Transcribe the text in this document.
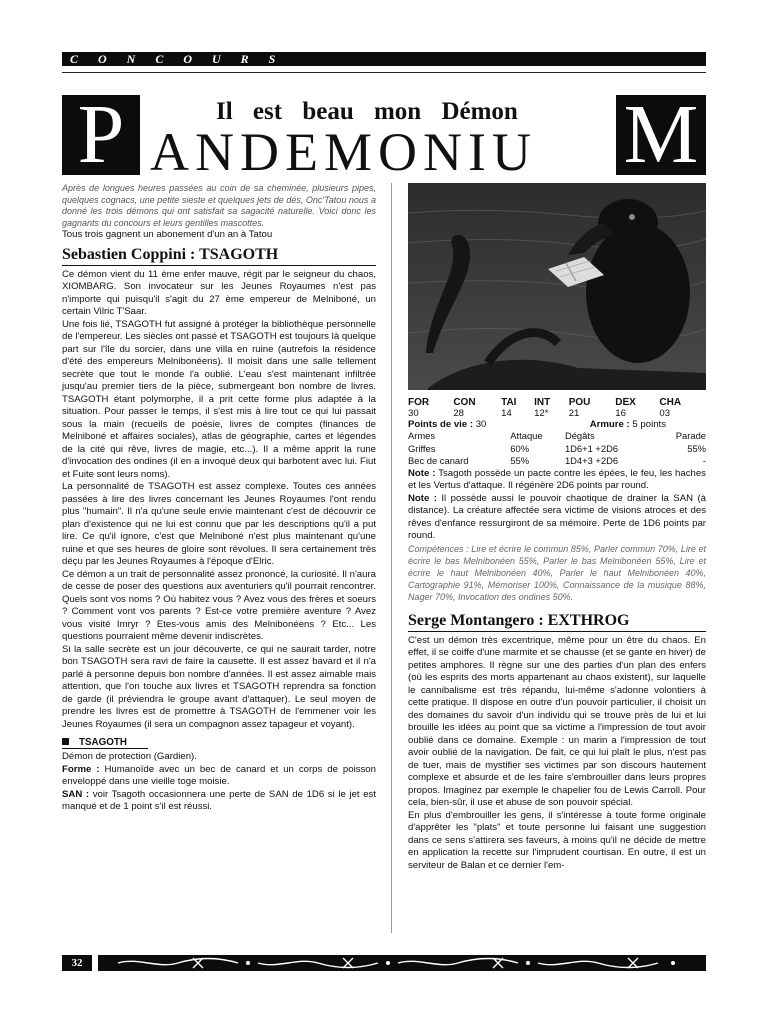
CONCOURS
P	Il est beau mon Démon
ANDEMONIU M

Après de longues heures passées au coin de sa cheminée, plusieurs pipes, quelques cognacs, une petite sieste et quelques jets de dés, Onc'Tatou nous a donné les trois démons qui ont satisfait sa sagacité naturelle. Voici donc les gagnants du concours et leurs gentilles mascottes.

Tous trois gagnent un abonement d'un an à Tatou

Sebastien Coppini : TSAGOTH

Ce démon vient du 11 ème enfer mauve, régit par le seigneur du chaos, XIOMBARG. Son invocateur sur les Jeunes Royaumes n'est pas n'importe qui puisqu'il s'agit du 27 ème empereur de Melniboné, un certain Vilric T'Saar.

Une fois lié, TSAGOTH fut assigné à protéger la bibliothèque personnelle de l'empereur. Les siècles ont passé et TSAGOTH est toujours là quelque part sur l'île du sorcier, dans une villa en ruine (autrefois la résidence d'été des empereurs Melnibonéens). Il moisit dans une salle tellement secrète que tout le monde l'a oublié. L'eau s'est maintenant infiltrée jusqu'au premier tiers de la pièce, submergeant bon nombre de livres. TSAGOTH étant polymorphe, il a prit cette forme plus adaptée à la situation. Pour passer le temps, il s'est mis à lire tout ce qui lui passait sous la main (recueils de poésie, livres de comptes (finances de Melniboné et affaires sociales), atlas de géographie, cartes et légendes de la cité qui rêve, livres de magie, etc...). Il a même apprit la rune d'invocation des ondines (il en a invoqué deux qui barbotent avec lui. Fiut et Fuite sont leurs noms).

La personnalité de TSAGOTH est assez complexe. Toutes ces années passées à lire des livres concernant les Jeunes Royaumes l'ont rendu plus "humain". Il n'a qu'une seule envie maintenant c'est de découvrir ce plan d'existence qui ne lui est connu que par les descriptions qu'il a put lire. Ce qu'il ignore, c'est que Melniboné n'est plus maintenant qu'une ruine et que ses heures de gloire sont révolues. Il sera certainement très déçu par les Jeunes Royaumes à l'époque d'Elric.

Ce démon a un trait de personnalité assez prononcé, la curiosité. Il n'aura de cesse de poser des questions aux aventuriers qu'il pourrait rencontrer. Quels sont vos noms ? Où habitez vous ? Avez vous des frères et soeurs ? Comment vont vos parents ? Est-ce votre première aventure ? Avez vous visité Imryr ? Etes-vous amis des Melnibonéens ? Etc... Les questions pourraient même devenir indiscrètes.

Si la salle secrète est un jour découverte, ce qui ne saurait tarder, notre bon TSAGOTH sera ravi de faire la causette. Il est assez bavard et il n'a parlé à personne depuis bon nombre d'années. Il est assez aimable mais attention, que l'on touche aux livres et TSAGOTH reprendra sa fonction de garde (il préviendra le groupe avant d'attaquer). Le seul moyen de prendre les livres est de promettre à TSAGOTH de l'emmener voir les Jeunes Royaumes (il sera un compagnon assez tapageur et voyant).

TSAGOTH

Démon de protection (Gardien).

Forme : Humanoïde avec un bec de canard et un corps de poisson enveloppé dans une vieille toge moisie.

SAN : voir Tsagoth occasionnera une perte de SAN de 1D6 si le jet est manqué et de 1 point s'il est réussi.

FOR	CON	TAI	INT	POU	DEX	CHA
30	28	14	12*	21	16	03
Points de vie : 30	Armure : 5 points
Armes	Attaque	Dégâts	Parade
Griffes	60%	1D6+1 +2D6	55%
Bec de canard	55%	1D4+3 +2D6	-

Note : Tsagoth possède un pacte contre les épées, le feu, les haches et les Vertus d'attaque. Il régénère 2D6 points par round.

Note : Il possède aussi le pouvoir chaotique de drainer la SAN (à distance). La créature affectée sera victime de visions atroces et des rêves d'enfance ressurgiront de sa mémoire. Perte de 1D6 points par round.

Compétences : Lire et écrire le commun 85%, Parler commun 70%, Lire et écrire le bas Melnibonéen 55%, Parler le bas Melnibonéen 55%, Lire et écrire le haut Melnibonéen 40%, Parler le haut Melnibonéen 40%, Cartographie 91%, Mémoriser 100%, Connaissance de la musique 88%, Nager 70%, Invocation des ondines 50%.

Serge Montangero : EXTHROG

C'est un démon très excentrique, même pour un être du chaos. En effet, il se coiffe d'une marmite et se chausse (et se gante en hiver) de petites amphores. Il règne sur une des parties d'un plan des enfers (où les esprits des morts appartenant au chaos existent), sur laquelle le cannibalisme est très répandu, lui-même s'adonne volontiers à cette pratique. Il dispose en outre d'un pouvoir particulier, il choisit un des domaines du savoir d'un individu qui se trouve près de lui et lui brouille les idées au point que sa victime a l'impression de tout avoir oublié dans ce domaine. Exemple : un marin a l'impression de tout avoir oublié de la navigation. De fait, ce qui lui plaît le plus, n'est pas de tuer, mais de mystifier ses victimes par son discours hautement complexe et absurde et de les faire s'embrouiller dans leurs propres propos. Imaginez par exemple le chapelier fou de Lewis Carroll. Pour cela, bien-sûr, il use et abuse de son pouvoir spécial.

En plus d'embrouiller les gens, il s'intéresse à toute forme originale d'apprêter les "plats" et toute personne lui faisant une suggestion dans ce sens s'attirera ses faveurs, à moins qu'il ne décide de mettre en application la recette sur l'imprudent courtisan. En outre, il est un serviteur de Balan et ce dernier l'em-

32
